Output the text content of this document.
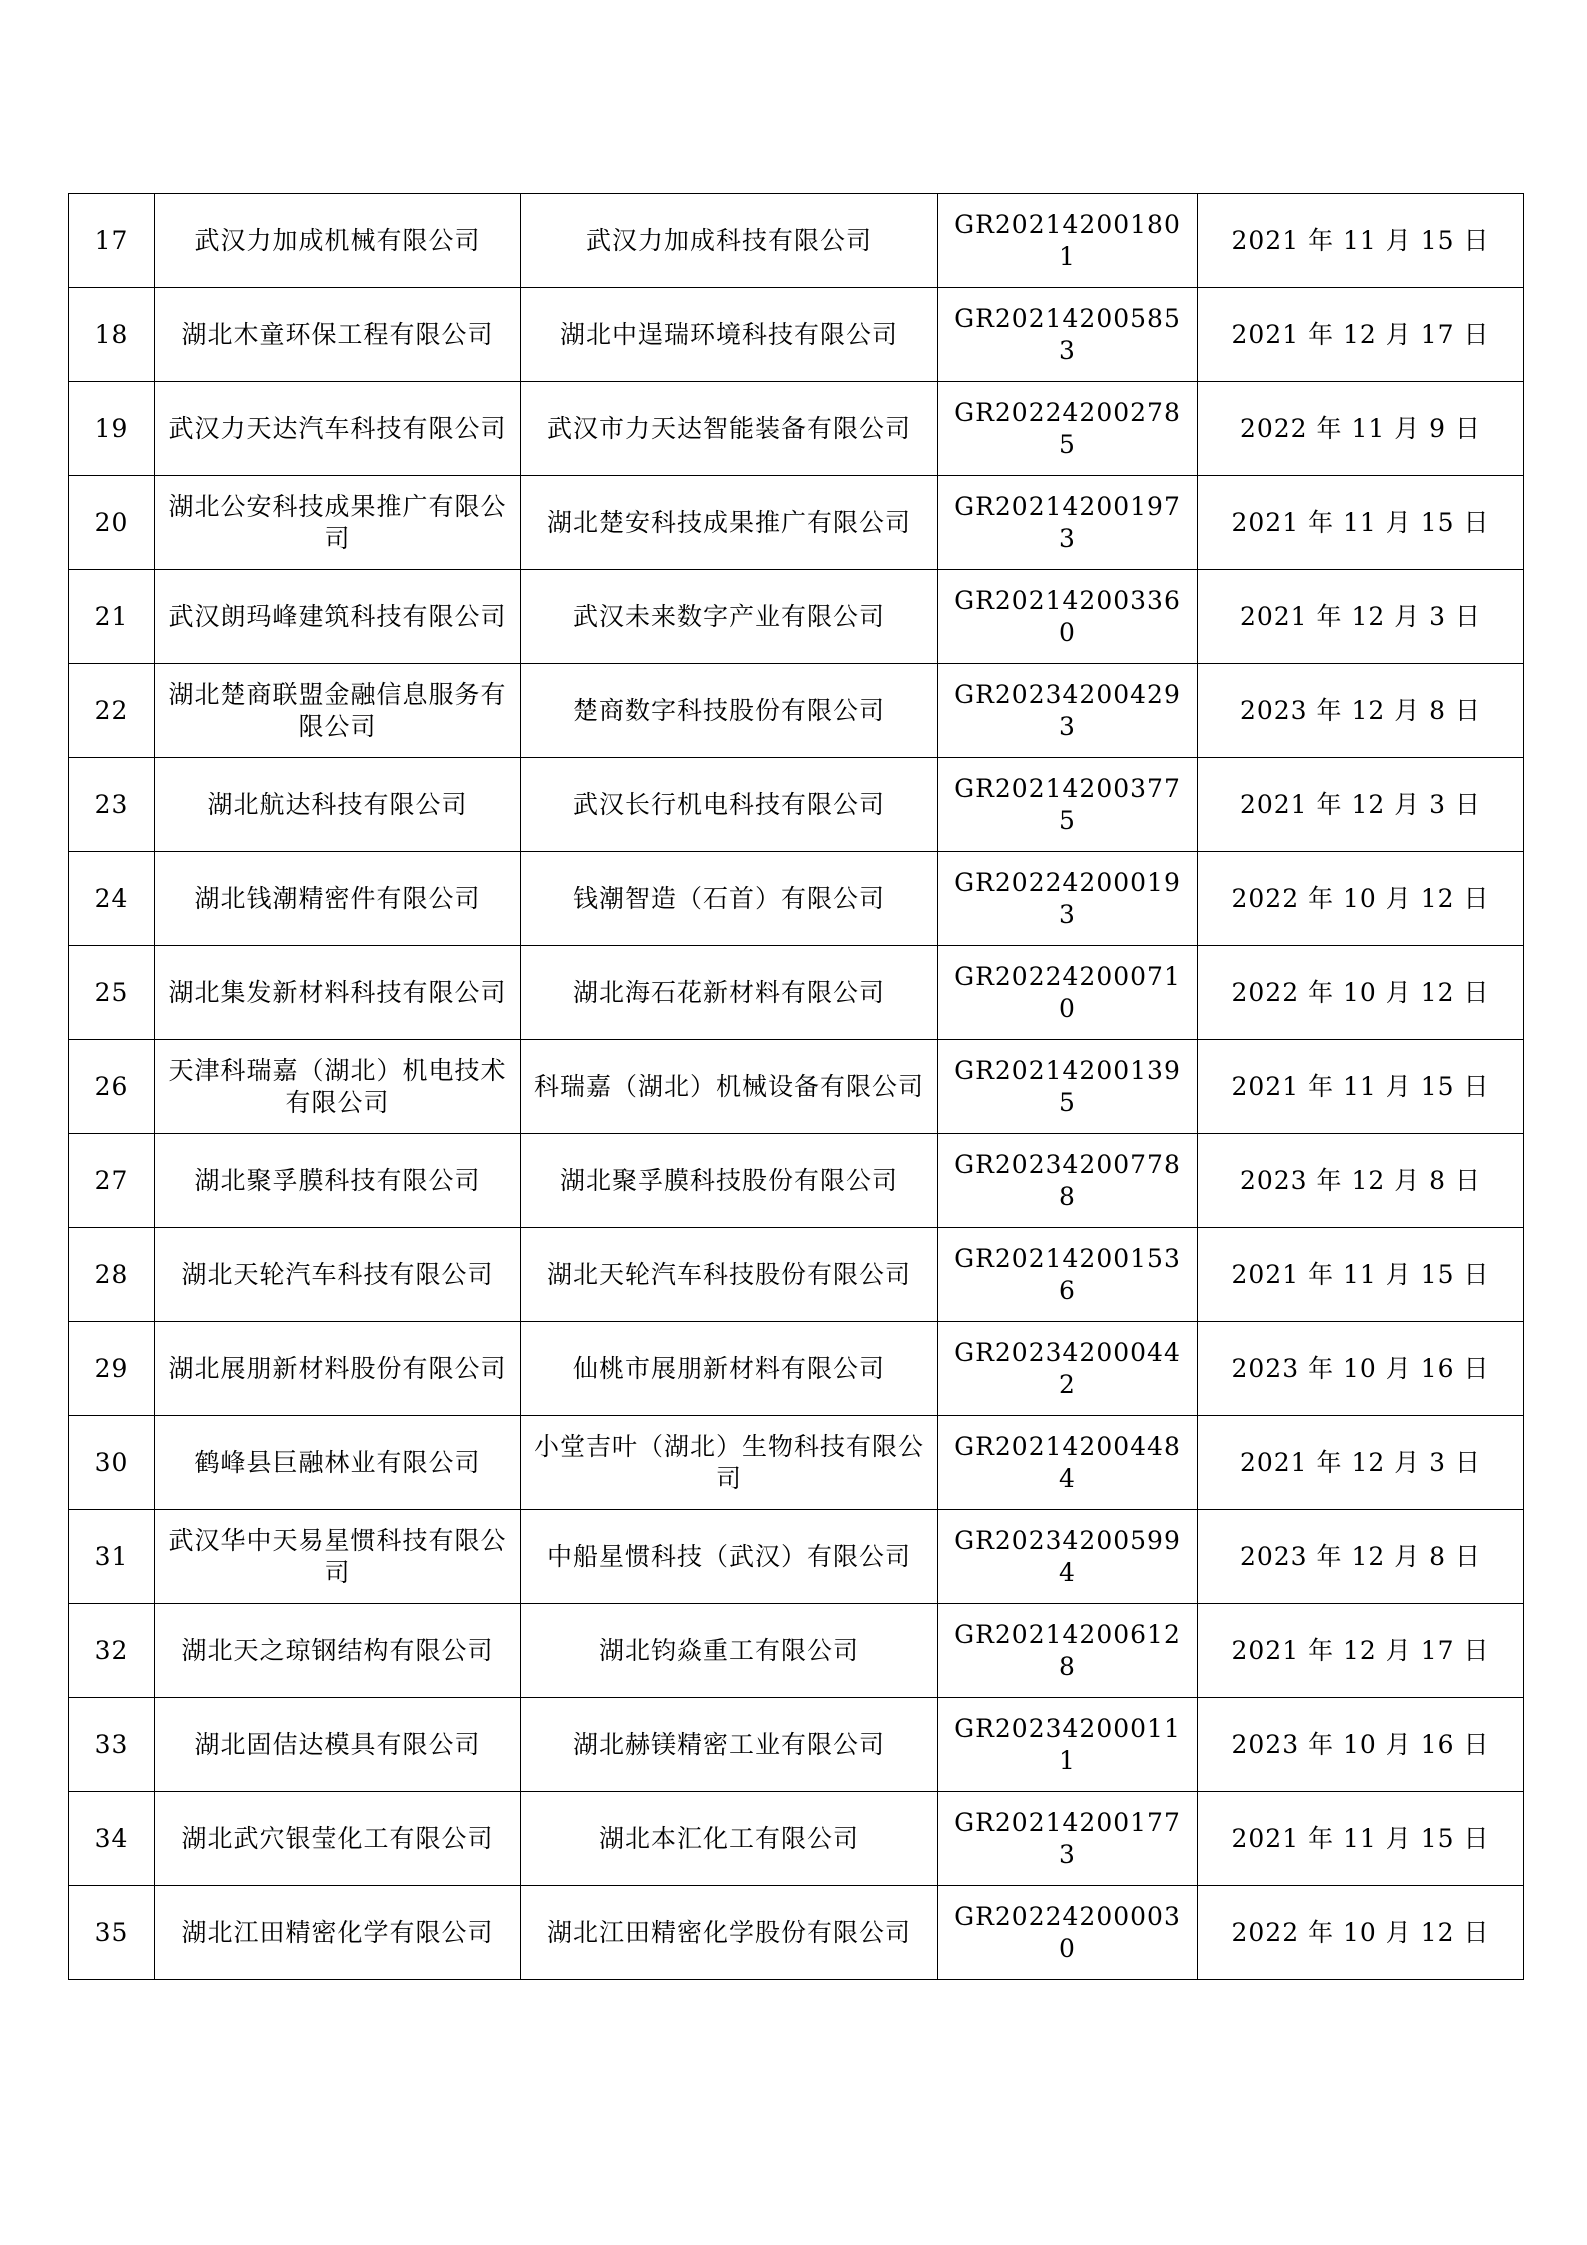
17	武汉力加成机械有限公司	武汉力加成科技有限公司	GR202142001801	2021 年 11 月 15 日
18	湖北木童环保工程有限公司	湖北中逞瑞环境科技有限公司	GR202142005853	2021 年 12 月 17 日
19	武汉力天达汽车科技有限公司	武汉市力天达智能装备有限公司	GR202242002785	2022 年 11 月 9 日
20	湖北公安科技成果推广有限公司	湖北楚安科技成果推广有限公司	GR202142001973	2021 年 11 月 15 日
21	武汉朗玛峰建筑科技有限公司	武汉未来数字产业有限公司	GR202142003360	2021 年 12 月 3 日
22	湖北楚商联盟金融信息服务有限公司	楚商数字科技股份有限公司	GR202342004293	2023 年 12 月 8 日
23	湖北航达科技有限公司	武汉长行机电科技有限公司	GR202142003775	2021 年 12 月 3 日
24	湖北钱潮精密件有限公司	钱潮智造（石首）有限公司	GR202242000193	2022 年 10 月 12 日
25	湖北集发新材料科技有限公司	湖北海石花新材料有限公司	GR202242000710	2022 年 10 月 12 日
26	天津科瑞嘉（湖北）机电技术有限公司	科瑞嘉（湖北）机械设备有限公司	GR202142001395	2021 年 11 月 15 日
27	湖北聚孚膜科技有限公司	湖北聚孚膜科技股份有限公司	GR202342007788	2023 年 12 月 8 日
28	湖北天轮汽车科技有限公司	湖北天轮汽车科技股份有限公司	GR202142001536	2021 年 11 月 15 日
29	湖北展朋新材料股份有限公司	仙桃市展朋新材料有限公司	GR202342000442	2023 年 10 月 16 日
30	鹤峰县巨融林业有限公司	小堂吉叶（湖北）生物科技有限公司	GR202142004484	2021 年 12 月 3 日
31	武汉华中天易星惯科技有限公司	中船星惯科技（武汉）有限公司	GR202342005994	2023 年 12 月 8 日
32	湖北天之琼钢结构有限公司	湖北钧焱重工有限公司	GR202142006128	2021 年 12 月 17 日
33	湖北固佶达模具有限公司	湖北赫镁精密工业有限公司	GR202342000111	2023 年 10 月 16 日
34	湖北武穴银莹化工有限公司	湖北本汇化工有限公司	GR202142001773	2021 年 11 月 15 日
35	湖北江田精密化学有限公司	湖北江田精密化学股份有限公司	GR202242000030	2022 年 10 月 12 日
